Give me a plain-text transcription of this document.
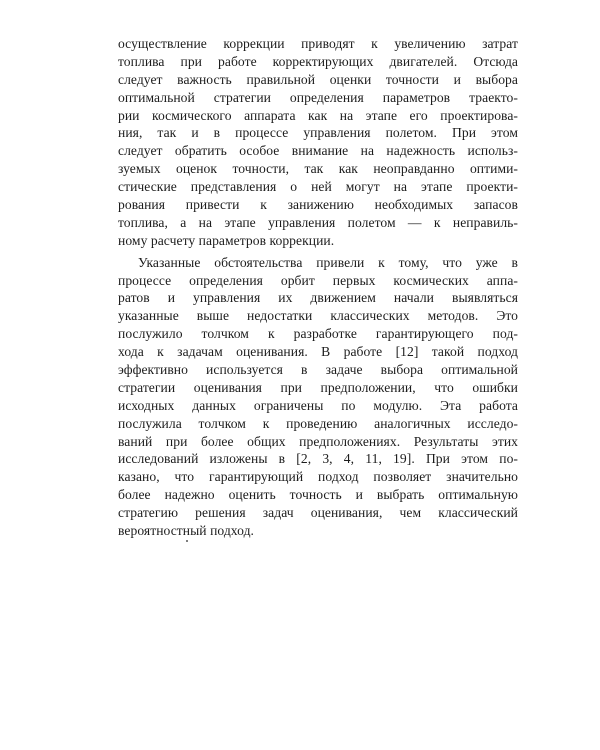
осуществление коррекции приводят к увеличению затрат
топлива при работе корректирующих двигателей. Отсюда
следует важность правильной оценки точности и выбора
оптимальной стратегии определения параметров траекто-
рии космического аппарата как на этапе его проектирова-
ния, так и в процессе управления полетом. При этом
следует обратить особое внимание на надежность использ-
зуемых оценок точности, так как неоправданно оптими-
стические представления о ней могут на этапе проекти-
рования привести к занижению необходимых запасов
топлива, а на этапе управления полетом — к неправиль-
ному расчету параметров коррекции.
Указанные обстоятельства привели к тому, что уже в
процессе определения орбит первых космических аппа-
ратов и управления их движением начали выявляться
указанные выше недостатки классических методов. Это
послужило толчком к разработке гарантирующего под-
хода к задачам оценивания. В работе [12] такой подход
эффективно используется в задаче выбора оптимальной
стратегии оценивания при предположении, что ошибки
исходных данных ограничены по модулю. Эта работа
послужила толчком к проведению аналогичных исследо-
ваний при более общих предположениях. Результаты этих
исследований изложены в [2, 3, 4, 11, 19]. При этом по-
казано, что гарантирующий подход позволяет значительно
более надежно оценить точность и выбрать оптимальную
стратегию решения задач оценивания, чем классический
вероятностный подход.
